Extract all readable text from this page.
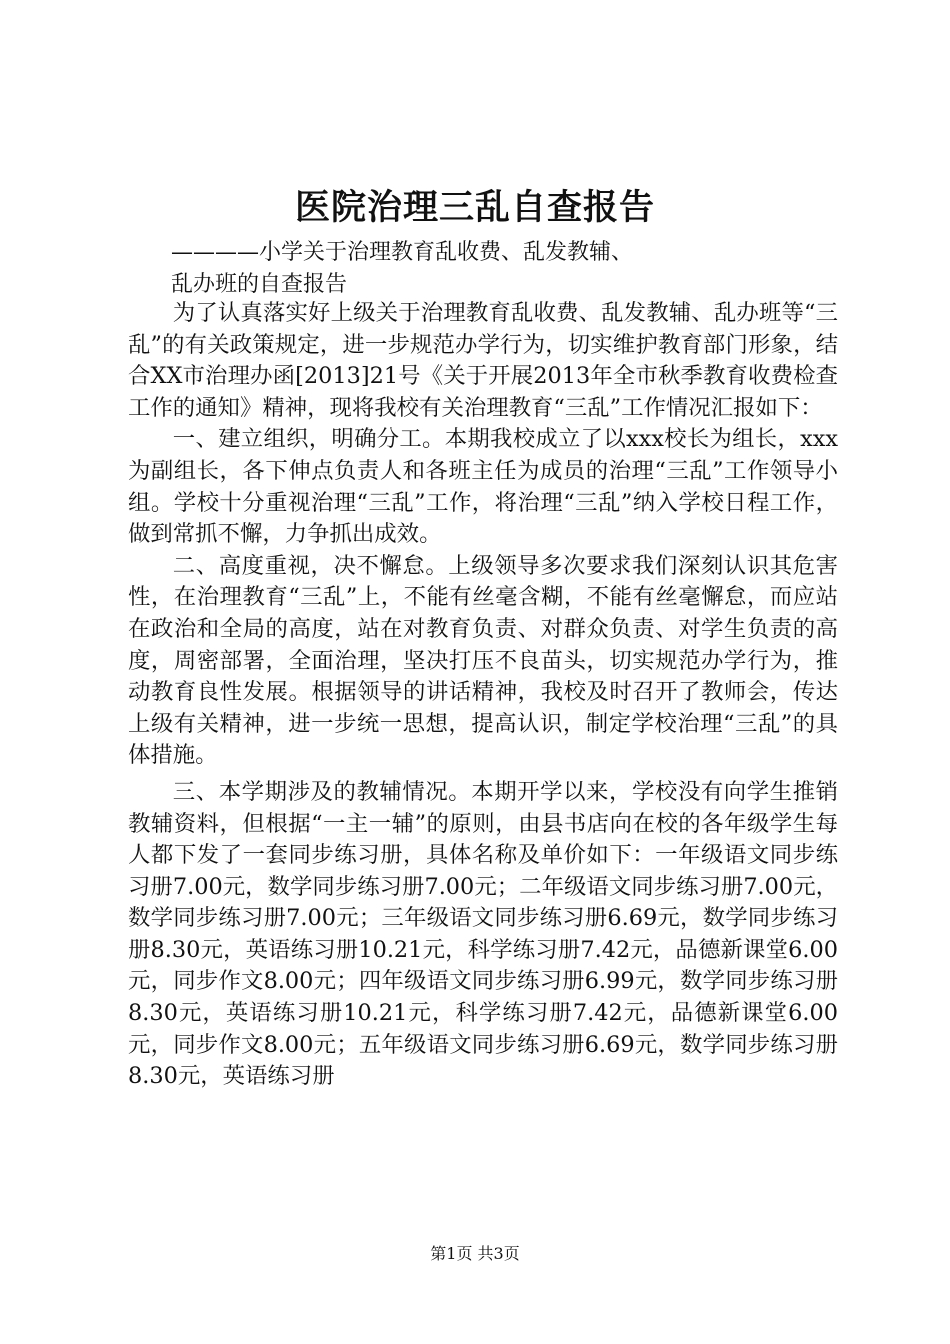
医院治理三乱自查报告
————小学关于治理教育乱收费、乱发教辅、
乱办班的自查报告

为了认真落实好上级关于治理教育乱收费、乱发教辅、乱办班等“三乱”的有关政策规定，进一步规范办学行为，切实维护教育部门形象，结合XX市治理办函[2013]21号《关于开展2013年全市秋季教育收费检查工作的通知》精神，现将我校有关治理教育“三乱”工作情况汇报如下：

一、建立组织，明确分工。本期我校成立了以xxx校长为组长，xxx为副组长，各下伸点负责人和各班主任为成员的治理“三乱”工作领导小组。学校十分重视治理“三乱”工作，将治理“三乱”纳入学校日程工作，做到常抓不懈，力争抓出成效。

二、高度重视，决不懈怠。上级领导多次要求我们深刻认识其危害性，在治理教育“三乱”上，不能有丝毫含糊，不能有丝毫懈怠，而应站在政治和全局的高度，站在对教育负责、对群众负责、对学生负责的高度，周密部署，全面治理，坚决打压不良苗头，切实规范办学行为，推动教育良性发展。根据领导的讲话精神，我校及时召开了教师会，传达上级有关精神，进一步统一思想，提高认识，制定学校治理“三乱”的具体措施。

三、本学期涉及的教辅情况。本期开学以来，学校没有向学生推销教辅资料，但根据“一主一辅”的原则，由县书店向在校的各年级学生每人都下发了一套同步练习册，具体名称及单价如下：一年级语文同步练习册7.00元，数学同步练习册7.00元；二年级语文同步练习册7.00元，数学同步练习册7.00元；三年级语文同步练习册6.69元，数学同步练习册8.30元，英语练习册10.21元，科学练习册7.42元，品德新课堂6.00元，同步作文8.00元；四年级语文同步练习册6.99元，数学同步练习册8.30元，英语练习册10.21元，科学练习册7.42元，品德新课堂6.00元，同步作文8.00元；五年级语文同步练习册6.69元，数学同步练习册8.30元，英语练习册

第1页 共3页
